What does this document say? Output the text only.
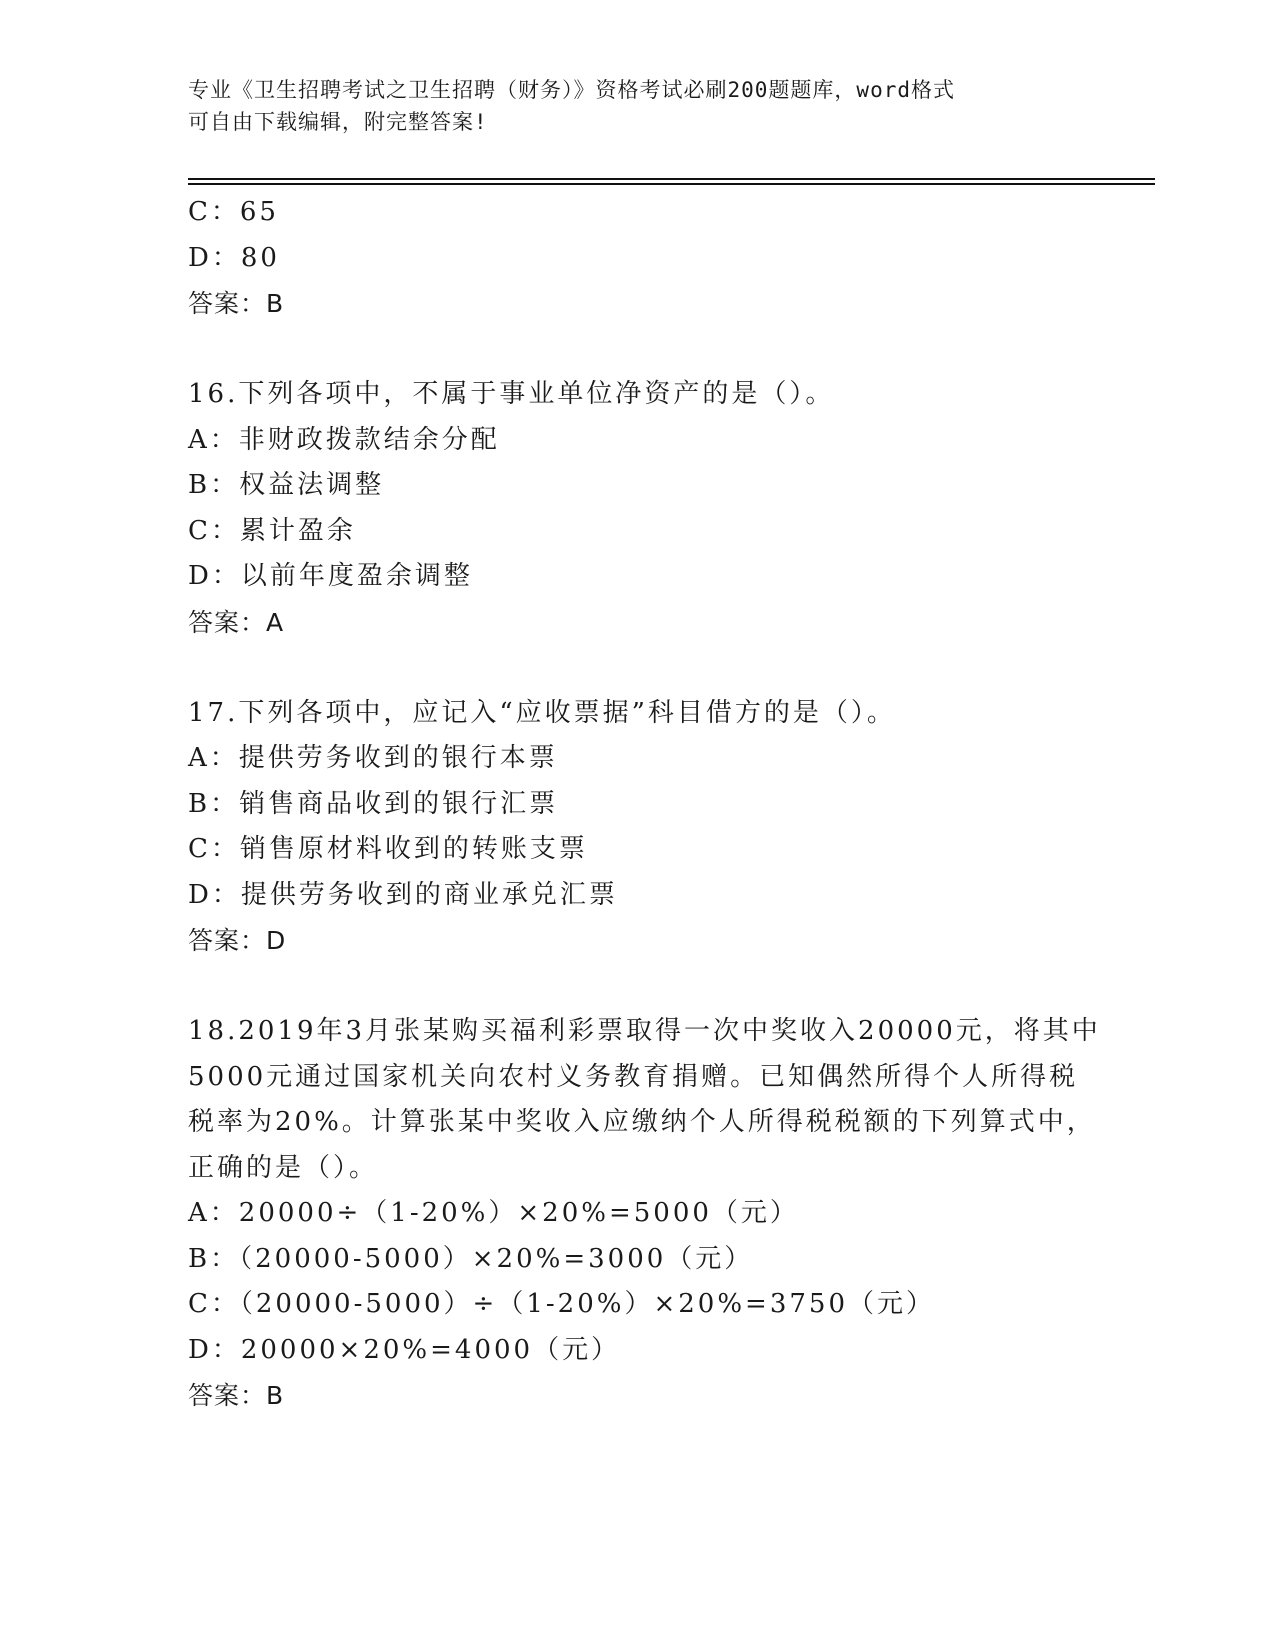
专业《卫生招聘考试之卫生招聘（财务）》资格考试必刷200题题库，word格式
可自由下载编辑，附完整答案!
C：65
D：80
答案：B
16.下列各项中，不属于事业单位净资产的是（）。
A：非财政拨款结余分配
B：权益法调整
C：累计盈余
D：以前年度盈余调整
答案：A
17.下列各项中，应记入“应收票据”科目借方的是（）。
A：提供劳务收到的银行本票
B：销售商品收到的银行汇票
C：销售原材料收到的转账支票
D：提供劳务收到的商业承兑汇票
答案：D
18.2019年3月张某购买福利彩票取得一次中奖收入20000元，将其中
5000元通过国家机关向农村义务教育捐赠。已知偶然所得个人所得税
税率为20%。计算张某中奖收入应缴纳个人所得税税额的下列算式中，
正确的是（）。
A：20000÷（1-20%）×20%=5000（元）
B：（20000-5000）×20%=3000（元）
C：（20000-5000）÷（1-20%）×20%=3750（元）
D：20000×20%=4000（元）
答案：B
